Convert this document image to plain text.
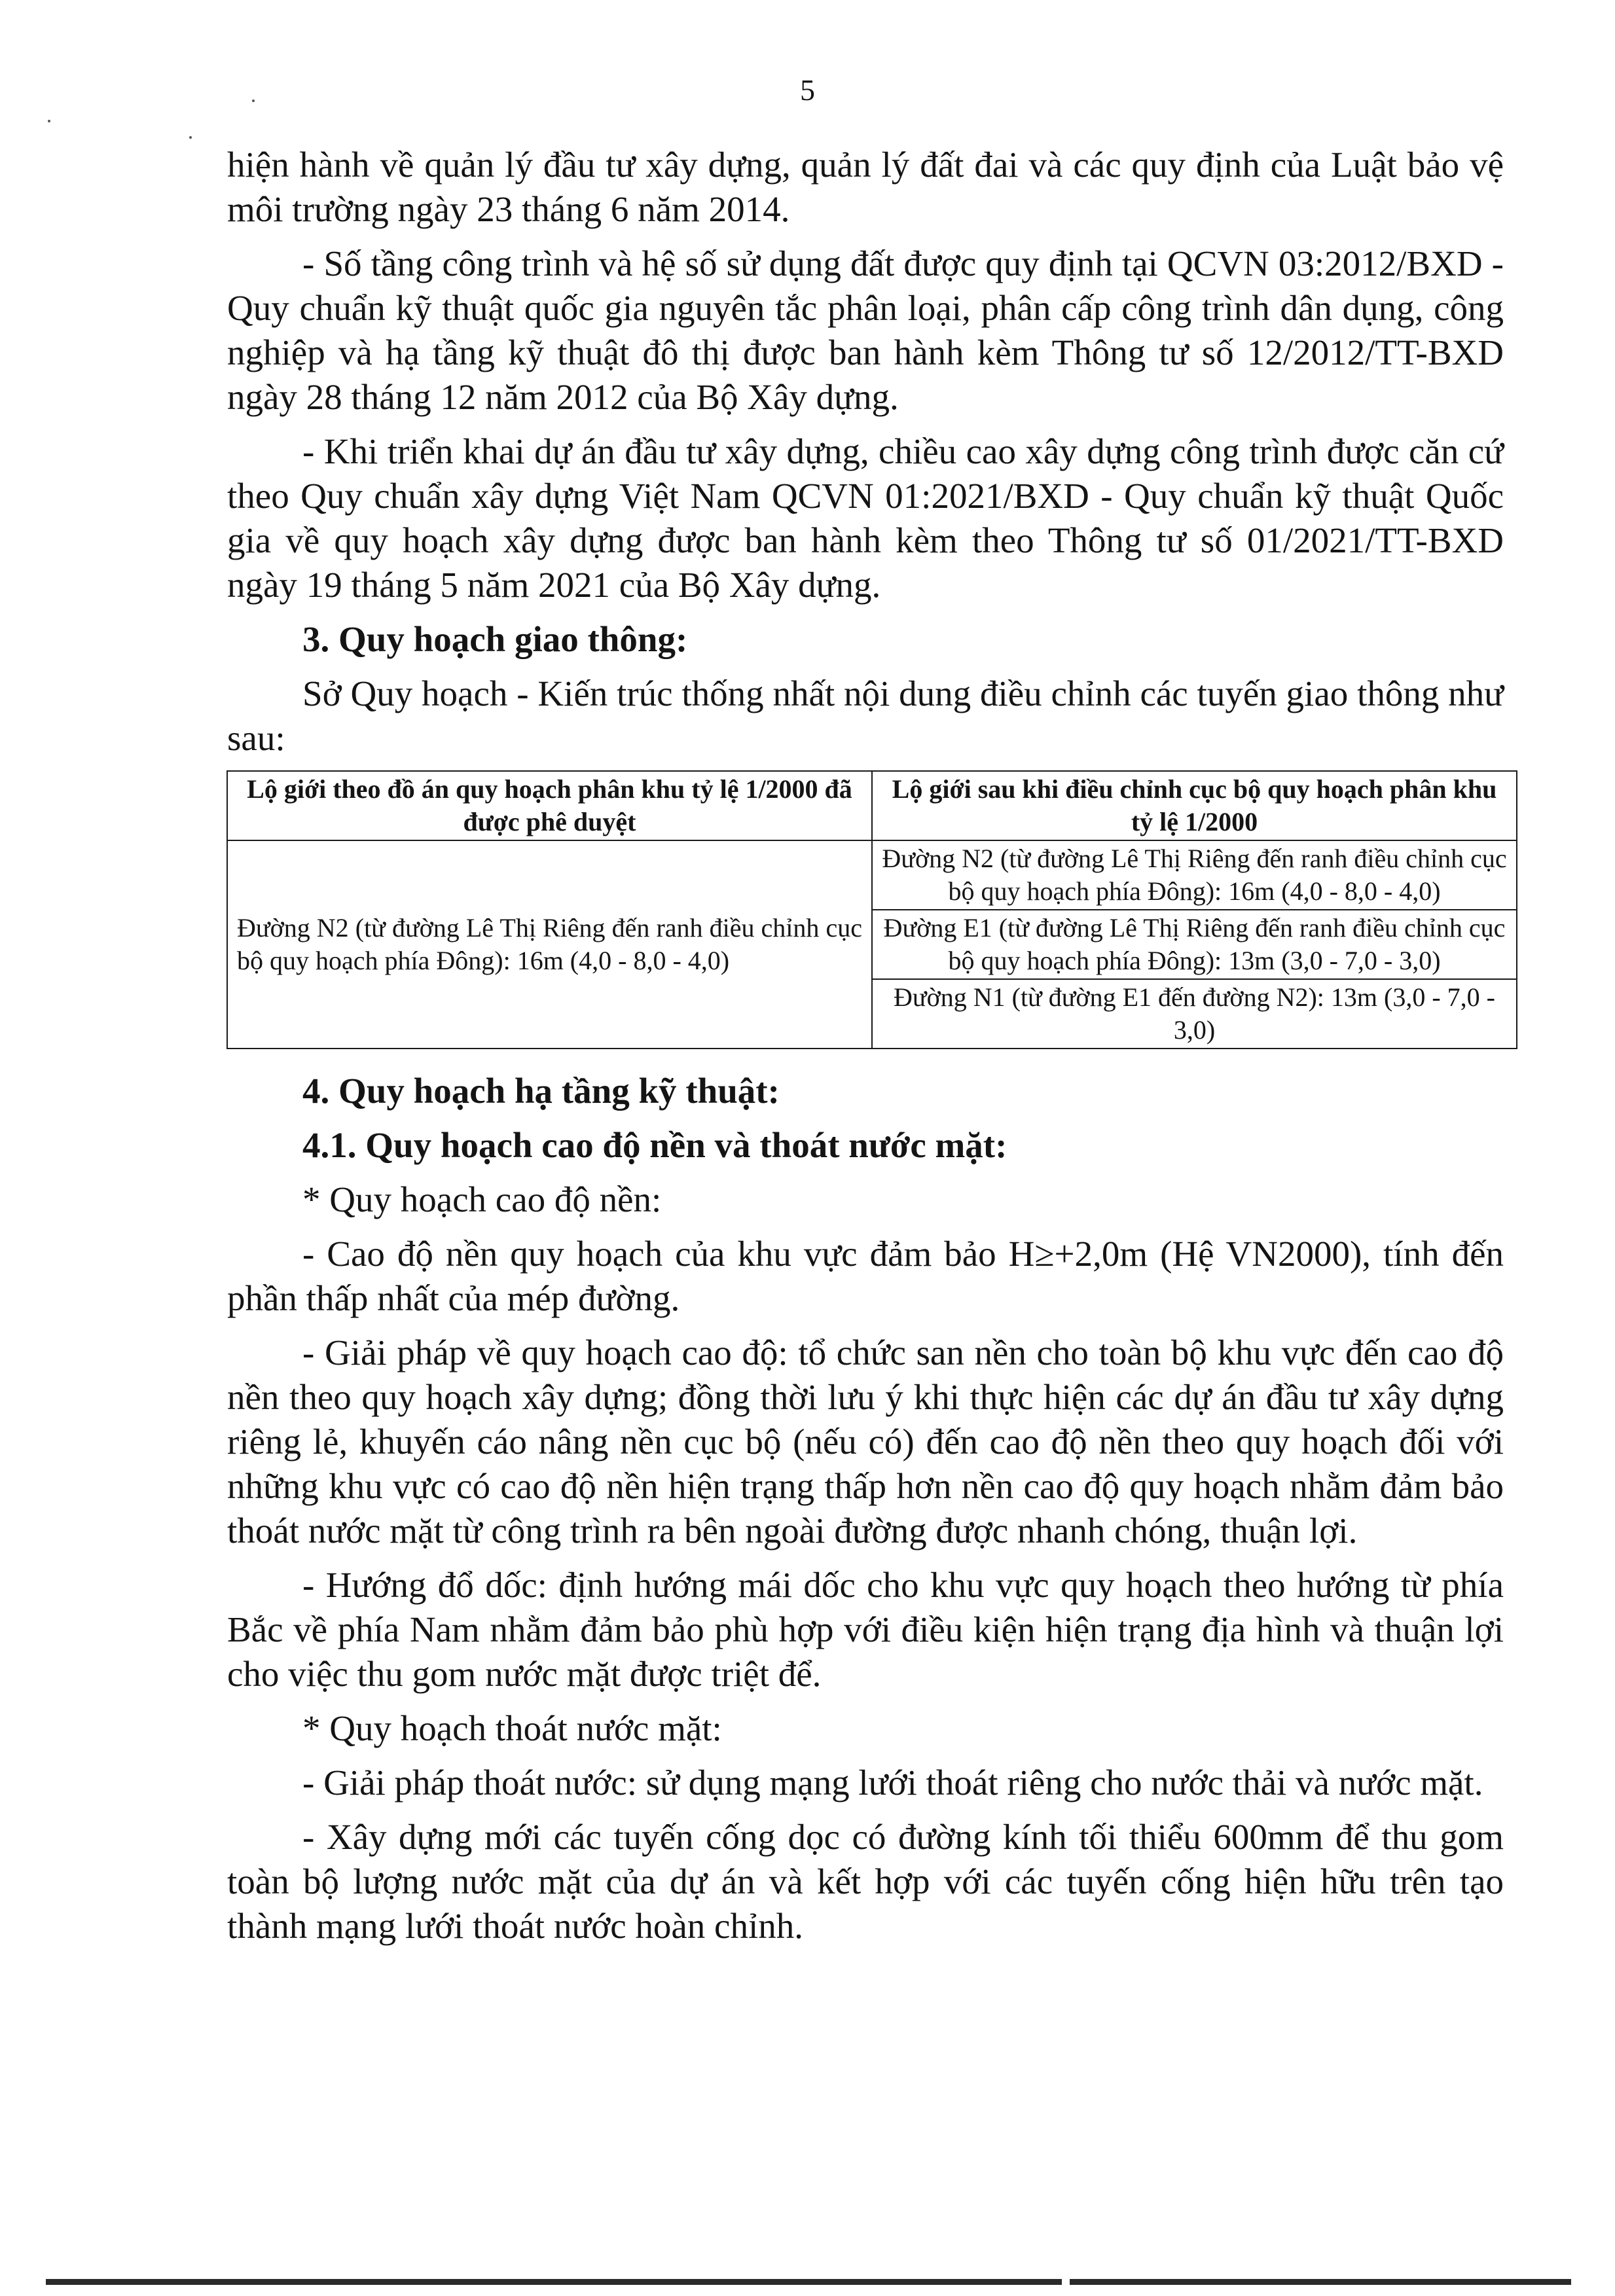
5

hiện hành về quản lý đầu tư xây dựng, quản lý đất đai và các quy định của Luật bảo vệ môi trường ngày 23 tháng 6 năm 2014.

- Số tầng công trình và hệ số sử dụng đất được quy định tại QCVN 03:2012/BXD - Quy chuẩn kỹ thuật quốc gia nguyên tắc phân loại, phân cấp công trình dân dụng, công nghiệp và hạ tầng kỹ thuật đô thị được ban hành kèm Thông tư số 12/2012/TT-BXD ngày 28 tháng 12 năm 2012 của Bộ Xây dựng.

- Khi triển khai dự án đầu tư xây dựng, chiều cao xây dựng công trình được căn cứ theo Quy chuẩn xây dựng Việt Nam QCVN 01:2021/BXD - Quy chuẩn kỹ thuật Quốc gia về quy hoạch xây dựng được ban hành kèm theo Thông tư số 01/2021/TT-BXD ngày 19 tháng 5 năm 2021 của Bộ Xây dựng.

3. Quy hoạch giao thông:

Sở Quy hoạch - Kiến trúc thống nhất nội dung điều chỉnh các tuyến giao thông như sau:

Lộ giới theo đồ án quy hoạch phân khu tỷ lệ 1/2000 đã được phê duyệt	Lộ giới sau khi điều chỉnh cục bộ quy hoạch phân khu tỷ lệ 1/2000
Đường N2 (từ đường Lê Thị Riêng đến ranh điều chỉnh cục bộ quy hoạch phía Đông): 16m (4,0 - 8,0 - 4,0)	Đường N2 (từ đường Lê Thị Riêng đến ranh điều chỉnh cục bộ quy hoạch phía Đông): 16m (4,0 - 8,0 - 4,0)
	Đường E1 (từ đường Lê Thị Riêng đến ranh điều chỉnh cục bộ quy hoạch phía Đông): 13m (3,0 - 7,0 - 3,0)
	Đường N1 (từ đường E1 đến đường N2): 13m (3,0 - 7,0 - 3,0)
4. Quy hoạch hạ tầng kỹ thuật:
4.1. Quy hoạch cao độ nền và thoát nước mặt:

* Quy hoạch cao độ nền:

- Cao độ nền quy hoạch của khu vực đảm bảo H≥+2,0m (Hệ VN2000), tính đến phần thấp nhất của mép đường.

- Giải pháp về quy hoạch cao độ: tổ chức san nền cho toàn bộ khu vực đến cao độ nền theo quy hoạch xây dựng; đồng thời lưu ý khi thực hiện các dự án đầu tư xây dựng riêng lẻ, khuyến cáo nâng nền cục bộ (nếu có) đến cao độ nền theo quy hoạch đối với những khu vực có cao độ nền hiện trạng thấp hơn nền cao độ quy hoạch nhằm đảm bảo thoát nước mặt từ công trình ra bên ngoài đường được nhanh chóng, thuận lợi.

- Hướng đổ dốc: định hướng mái dốc cho khu vực quy hoạch theo hướng từ phía Bắc về phía Nam nhằm đảm bảo phù hợp với điều kiện hiện trạng địa hình và thuận lợi cho việc thu gom nước mặt được triệt để.

* Quy hoạch thoát nước mặt:

- Giải pháp thoát nước: sử dụng mạng lưới thoát riêng cho nước thải và nước mặt.

- Xây dựng mới các tuyến cống dọc có đường kính tối thiểu 600mm để thu gom toàn bộ lượng nước mặt của dự án và kết hợp với các tuyến cống hiện hữu trên tạo thành mạng lưới thoát nước hoàn chỉnh.
